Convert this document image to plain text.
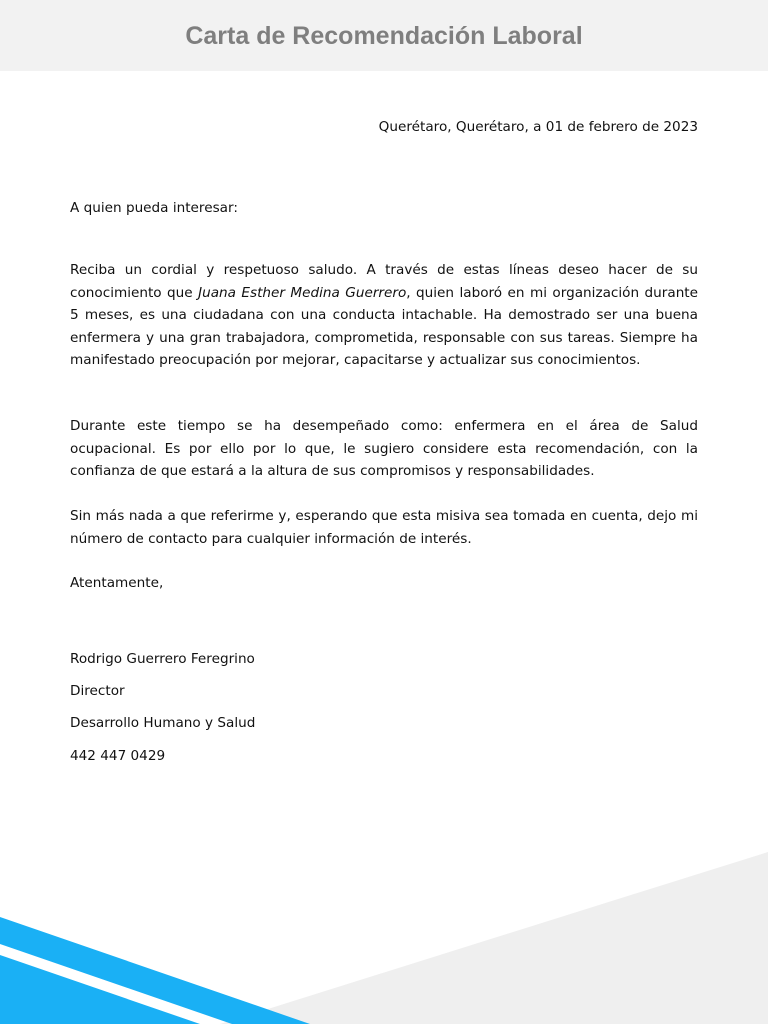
Carta de Recomendación Laboral

Querétaro, Querétaro, a 01 de febrero de 2023

A quien pueda interesar:

Reciba un cordial y respetuoso saludo. A través de estas líneas deseo hacer de su conocimiento que Juana Esther Medina Guerrero, quien laboró en mi organización durante 5 meses, es una ciudadana con una conducta intachable. Ha demostrado ser una buena enfermera y una gran trabajadora, comprometida, responsable con sus tareas. Siempre ha manifestado preocupación por mejorar, capacitarse y actualizar sus conocimientos.

Durante este tiempo se ha desempeñado como: enfermera en el área de Salud ocupacional. Es por ello por lo que, le sugiero considere esta recomendación, con la confianza de que estará a la altura de sus compromisos y responsabilidades.

Sin más nada a que referirme y, esperando que esta misiva sea tomada en cuenta, dejo mi número de contacto para cualquier información de interés.

Atentamente,

Rodrigo Guerrero Feregrino

Director

Desarrollo Humano y Salud

442 447 0429
